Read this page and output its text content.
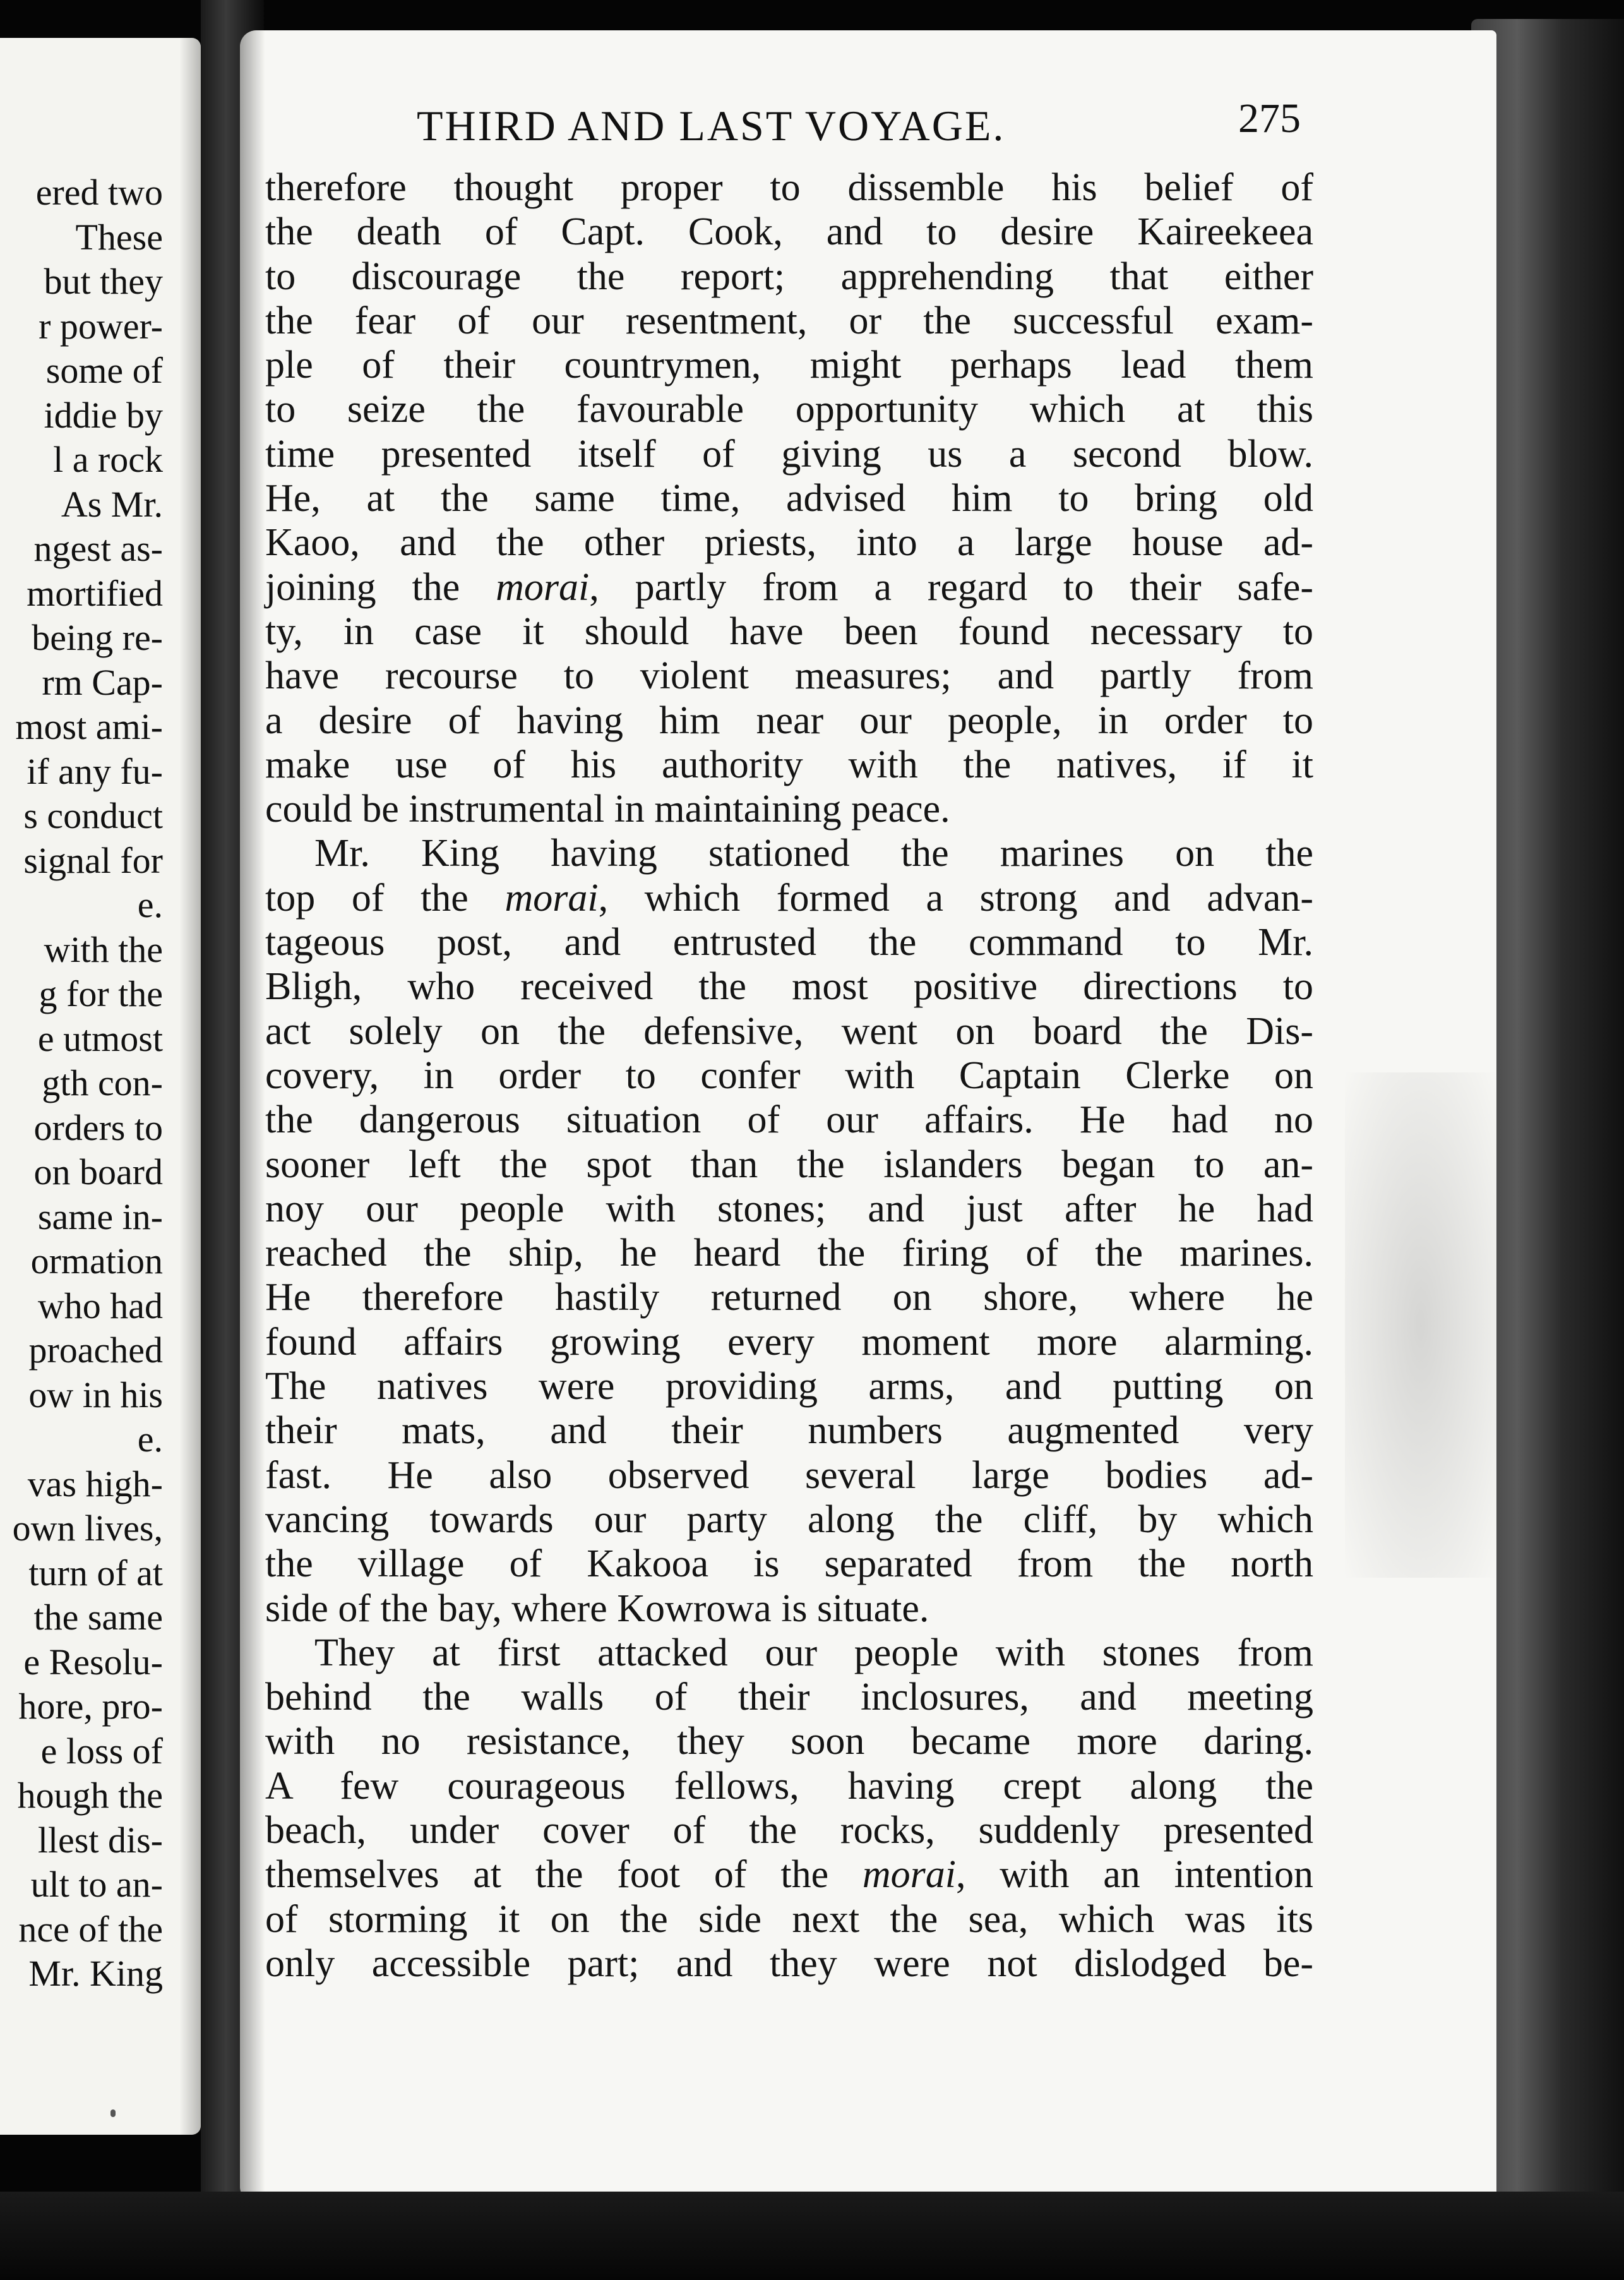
ered two
These
but they
r power-
some of
iddie by
l a rock
As Mr.
ngest as-
mortified
being re-
rm Cap-
most ami-
if any fu-
s conduct
signal for
e.
with the
g for the
e utmost
gth con-
orders to
on board
same in-
ormation
who had
proached
ow in his
e.
vas high-
own lives,
turn of at
the same
e Resolu-
hore, pro-
e loss of
hough the
llest dis-
ult to an-
nce of the
Mr. King
THIRD AND LAST VOYAGE.	275
therefore thought proper to dissemble his belief of
the death of Capt. Cook, and to desire Kaireekeea
to discourage the report; apprehending that either
the fear of our resentment, or the successful exam-
ple of their countrymen, might perhaps lead them
to seize the favourable opportunity which at this
time presented itself of giving us a second blow.
He, at the same time, advised him to bring old
Kaoo, and the other priests, into a large house ad-
joining the morai, partly from a regard to their safe-
ty, in case it should have been found necessary to
have recourse to violent measures; and partly from
a desire of having him near our people, in order to
make use of his authority with the natives, if it
could be instrumental in maintaining peace.
Mr. King having stationed the marines on the
top of the morai, which formed a strong and advan-
tageous post, and entrusted the command to Mr.
Bligh, who received the most positive directions to
act solely on the defensive, went on board the Dis-
covery, in order to confer with Captain Clerke on
the dangerous situation of our affairs. He had no
sooner left the spot than the islanders began to an-
noy our people with stones; and just after he had
reached the ship, he heard the firing of the marines.
He therefore hastily returned on shore, where he
found affairs growing every moment more alarming.
The natives were providing arms, and putting on
their mats, and their numbers augmented very
fast. He also observed several large bodies ad-
vancing towards our party along the cliff, by which
the village of Kakooa is separated from the north
side of the bay, where Kowrowa is situate.
They at first attacked our people with stones from
behind the walls of their inclosures, and meeting
with no resistance, they soon became more daring.
A few courageous fellows, having crept along the
beach, under cover of the rocks, suddenly presented
themselves at the foot of the morai, with an intention
of storming it on the side next the sea, which was its
only accessible part; and they were not dislodged be-
